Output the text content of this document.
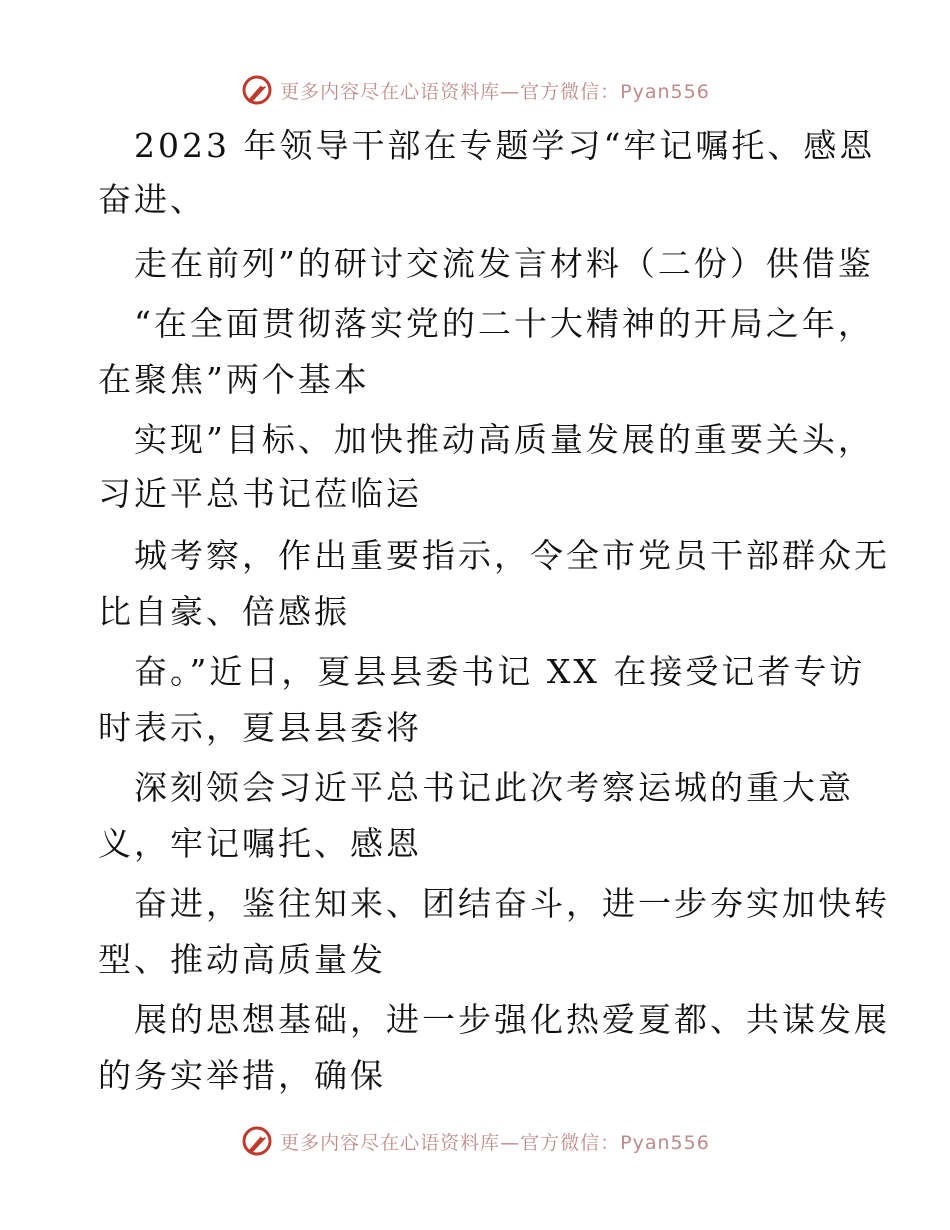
更多内容尽在心语资料库—官方微信：Pyan556
2023 年领导干部在专题学习“牢记嘱托、感恩
奋进、
走在前列”的研讨交流发言材料（二份）供借鉴
“在全面贯彻落实党的二十大精神的开局之年，
在聚焦”两个基本
实现”目标、加快推动高质量发展的重要关头，
习近平总书记莅临运
城考察，作出重要指示，令全市党员干部群众无
比自豪、倍感振
奋。”近日，夏县县委书记 XX 在接受记者专访
时表示，夏县县委将
深刻领会习近平总书记此次考察运城的重大意
义，牢记嘱托、感恩
奋进，鉴往知来、团结奋斗，进一步夯实加快转
型、推动高质量发
展的思想基础，进一步强化热爱夏都、共谋发展
的务实举措，确保
更多内容尽在心语资料库—官方微信：Pyan556
